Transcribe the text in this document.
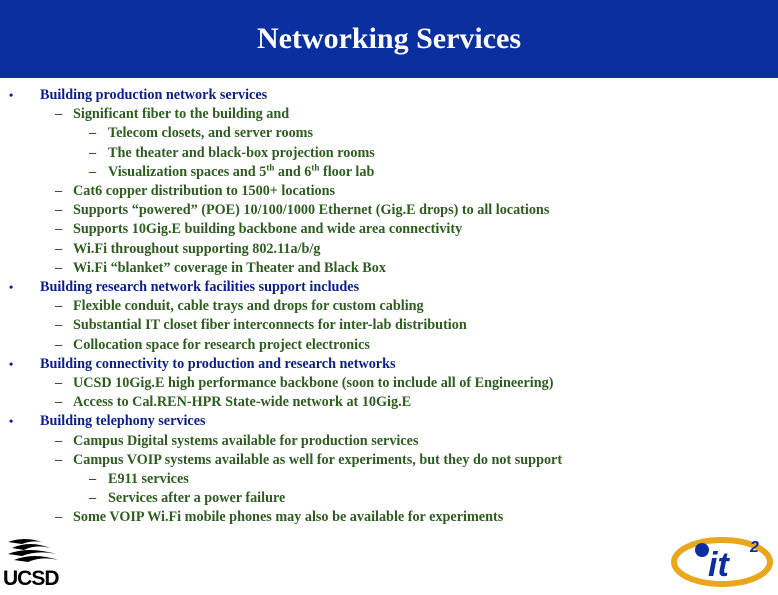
Networking Services
• Building production network services
– Significant fiber to the building and
– Telecom closets, and server rooms
– The theater and black-box projection rooms
– Visualization spaces and 5th and 6th floor lab
– Cat6 copper distribution to 1500+ locations
– Supports “powered” (POE) 10/100/1000 Ethernet (Gig.E drops) to all locations
– Supports 10Gig.E building backbone and wide area connectivity
– Wi.Fi throughout supporting 802.11a/b/g
– Wi.Fi “blanket” coverage in Theater and Black Box
• Building research network facilities support includes
– Flexible conduit, cable trays and drops for custom cabling
– Substantial IT closet fiber interconnects for inter-lab distribution
– Collocation space for research project electronics
• Building connectivity to production and research networks
– UCSD 10Gig.E high performance backbone (soon to include all of Engineering)
– Access to Cal.REN-HPR State-wide network at 10Gig.E
• Building telephony services
– Campus Digital systems available for production services
– Campus VOIP systems available as well for experiments, but they do not support
– E911 services
– Services after a power failure
– Some VOIP Wi.Fi mobile phones may also be available for experiments
UCSD	it 2
